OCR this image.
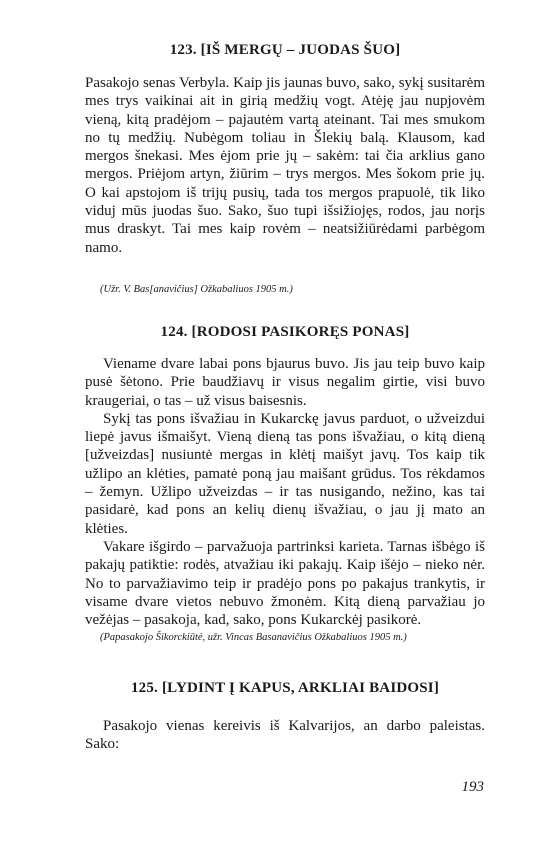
123. [IŠ MERGŲ – JUODAS ŠUO]

Pasakojo senas Verbyla. Kaip jis jaunas buvo, sako, sykį susitarėm mes trys vaikinai ait in girią medžių vogt. Atėję jau nupjovėm vieną, kitą pradėjom – pajautėm vartą ateinant. Tai mes smukom no tų medžių. Nubėgom toliau in Šlekių balą. Klausom, kad mergos šnekasi. Mes ėjom prie jų – sakėm: tai čia arklius gano mergos. Priėjom artyn, žiūrim – trys mergos. Mes šokom prie jų. O kai apstojom iš trijų pusių, tada tos mergos prapuolė, tik liko viduj mūs juodas šuo. Sako, šuo tupi išsižiojęs, rodos, jau norįs mus draskyt. Tai mes kaip rovėm – neatsižiūrėdami parbėgom namo.

(Užr. V. Bas[anavičius] Ožkabaliuos 1905 m.)

124. [RODOSI PASIKORĘS PONAS]

Viename dvare labai pons bjaurus buvo. Jis jau teip buvo kaip pusė šėtono. Prie baudžiavų ir visus negalim girtie, visi buvo kraugeriai, o tas – už visus baisesnis.

Sykį tas pons išvažiau in Kukarckę javus parduot, o užveizdui liepė javus išmaišyt. Vieną dieną tas pons išvažiau, o kitą dieną [užveizdas] nusiuntė mergas in klėtį maišyt javų. Tos kaip tik užlipo an klėties, pamatė poną jau maišant grūdus. Tos rėkdamos – žemyn. Užlipo užveizdas – ir tas nusigando, nežino, kas tai pasidarė, kad pons an kelių dienų išvažiau, o jau jį mato an klėties.

Vakare išgirdo – parvažuoja partrinksi karieta. Tarnas išbėgo iš pakajų patiktie: rodės, atvažiau iki pakajų. Kaip išėjo – nieko nėr. No to parvažiavimo teip ir pradėjo pons po pakajus trankytis, ir visame dvare vietos nebuvo žmonėm. Kitą dieną parvažiau jo vežėjas – pasakoja, kad, sako, pons Kukarckėj pasikorė.

(Papasakojo Šikorckiūtė, užr. Vincas Basanavičius Ožkabaliuos 1905 m.)

125. [LYDINT Į KAPUS, ARKLIAI BAIDOSI]

Pasakojo vienas kereivis iš Kalvarijos, an darbo paleistas. Sako:

193
